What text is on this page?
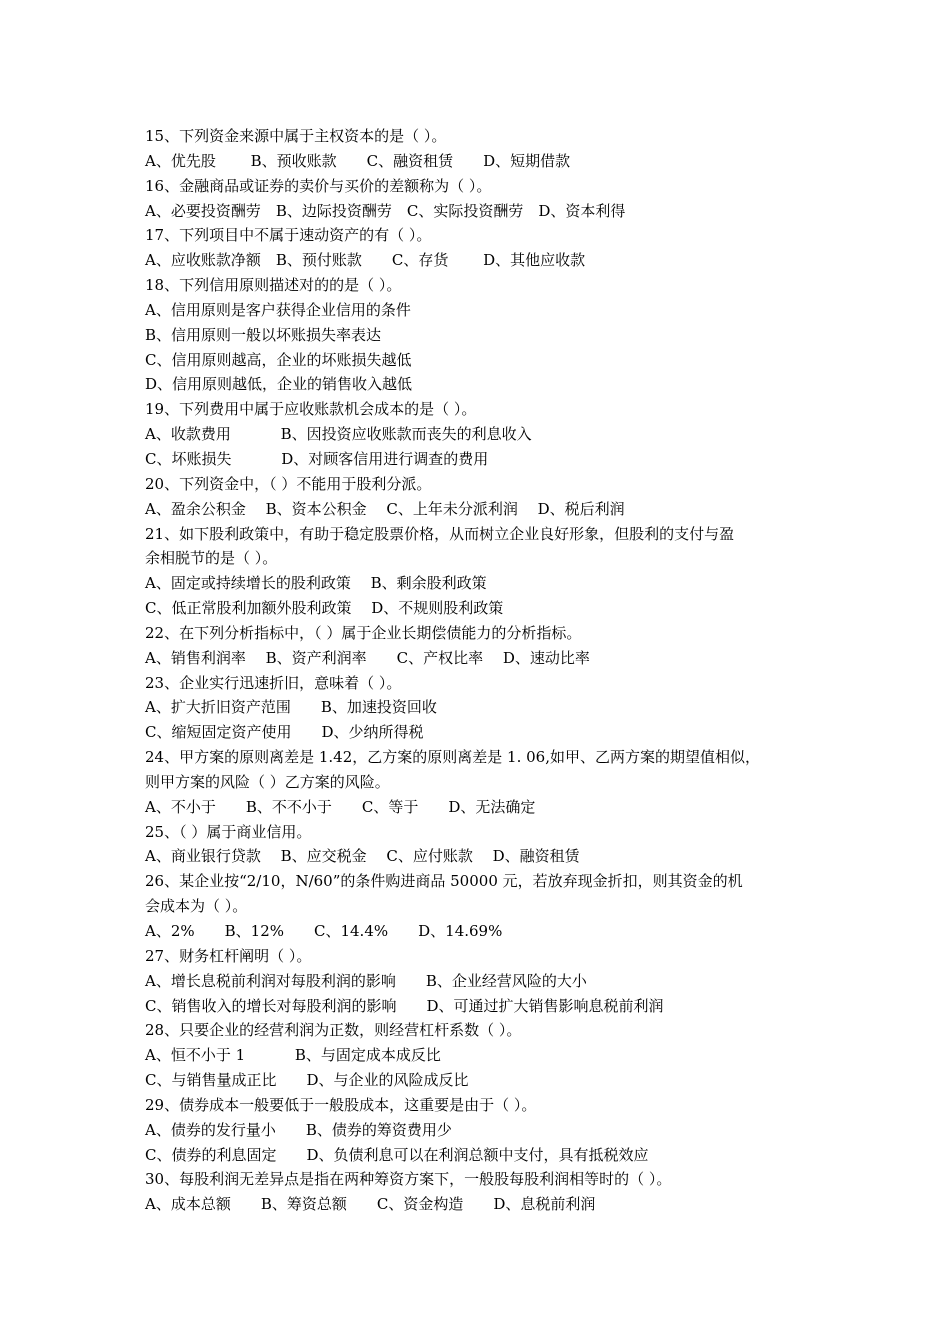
15、下列资金来源中属于主权资本的是（ ）。
A、优先股　　 B、预收账款　　C、融资租赁　　D、短期借款
16、金融商品或证券的卖价与买价的差额称为（ ）。
A、必要投资酬劳　B、边际投资酬劳　C、实际投资酬劳　D、资本利得
17、下列项目中不属于速动资产的有（ ）。
A、应收账款净额　B、预付账款　　C、存货　　 D、其他应收款
18、下列信用原则描述对的的是（ ）。
A、信用原则是客户获得企业信用的条件
B、信用原则一般以坏账损失率表达
C、信用原则越高，企业的坏账损失越低
D、信用原则越低，企业的销售收入越低
19、下列费用中属于应收账款机会成本的是（ ）。
A、收款费用　　　 B、因投资应收账款而丧失的利息收入
C、坏账损失　　　 D、对顾客信用进行调查的费用
20、下列资金中，（ ）不能用于股利分派。
A、盈余公积金　 B、资本公积金　 C、上年未分派利润　 D、税后利润
21、如下股利政策中，有助于稳定股票价格，从而树立企业良好形象，但股利的支付与盈
余相脱节的是（ ）。
A、固定或持续增长的股利政策　 B、剩余股利政策
C、低正常股利加额外股利政策　 D、不规则股利政策
22、在下列分析指标中，（ ）属于企业长期偿债能力的分析指标。
A、销售利润率　 B、资产利润率　　C、产权比率　 D、速动比率
23、企业实行迅速折旧，意味着（ ）。
A、扩大折旧资产范围　　B、加速投资回收
C、缩短固定资产使用　　D、少纳所得税
24、甲方案的原则离差是 1.42，乙方案的原则离差是 1. 06,如甲、乙两方案的期望值相似，
则甲方案的风险（ ）乙方案的风险。
A、不小于　　B、不不小于　　C、等于　　D、无法确定
25、（ ）属于商业信用。
A、商业银行贷款　 B、应交税金　 C、应付账款　 D、融资租赁
26、某企业按“2/10，N/60”的条件购进商品 50000 元，若放弃现金折扣，则其资金的机
会成本为（ ）。
A、2%　　B、12%　　C、14.4%　　D、14.69%
27、财务杠杆阐明（ ）。
A、增长息税前利润对每股利润的影响　　B、企业经营风险的大小
C、销售收入的增长对每股利润的影响　　D、可通过扩大销售影响息税前利润
28、只要企业的经营利润为正数，则经营杠杆系数（ ）。
A、恒不小于 1　　　 B、与固定成本成反比
C、与销售量成正比　　D、与企业的风险成反比
29、债券成本一般要低于一般股成本，这重要是由于（ ）。
A、债券的发行量小　　B、债券的筹资费用少
C、债券的利息固定　　D、负债利息可以在利润总额中支付，具有抵税效应
30、每股利润无差异点是指在两种筹资方案下，一般股每股利润相等时的（ ）。
A、成本总额　　B、筹资总额　　C、资金构造　　D、息税前利润
